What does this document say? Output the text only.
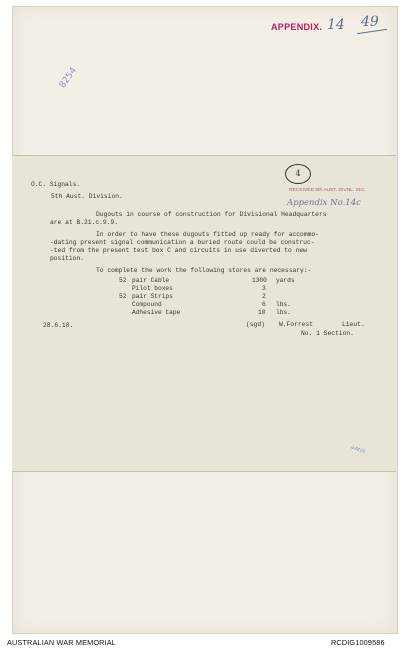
APPENDIX. 14 49
8254
4
RECEIVED 5th AUST. DIVNL. SIG.
Appendix No.14c
O.C. Signals.
5th Aust. Division.
Dugouts in course of construction for Divisional Headquarters
are at B.21.c.9.9.
In order to have these dugouts fitted up ready for accommo-
-dating present signal communication a buried route could be construc-
-ted from the present test box C and circuits in use diverted to new
position.
To complete the work the following stores are necessary:-
52 pair Cable	1300 yards
Pilot boxes	3
52 pair Strips	2
Compound	6 lbs.
Adhesive tape	10 lbs.
28.6.18.	(sgd) W.Forrest	Lieut.
No. 1 Section.
𝓈𝓊𝓃
AUSTRALIAN WAR MEMORIAL	RCDIG1009586
